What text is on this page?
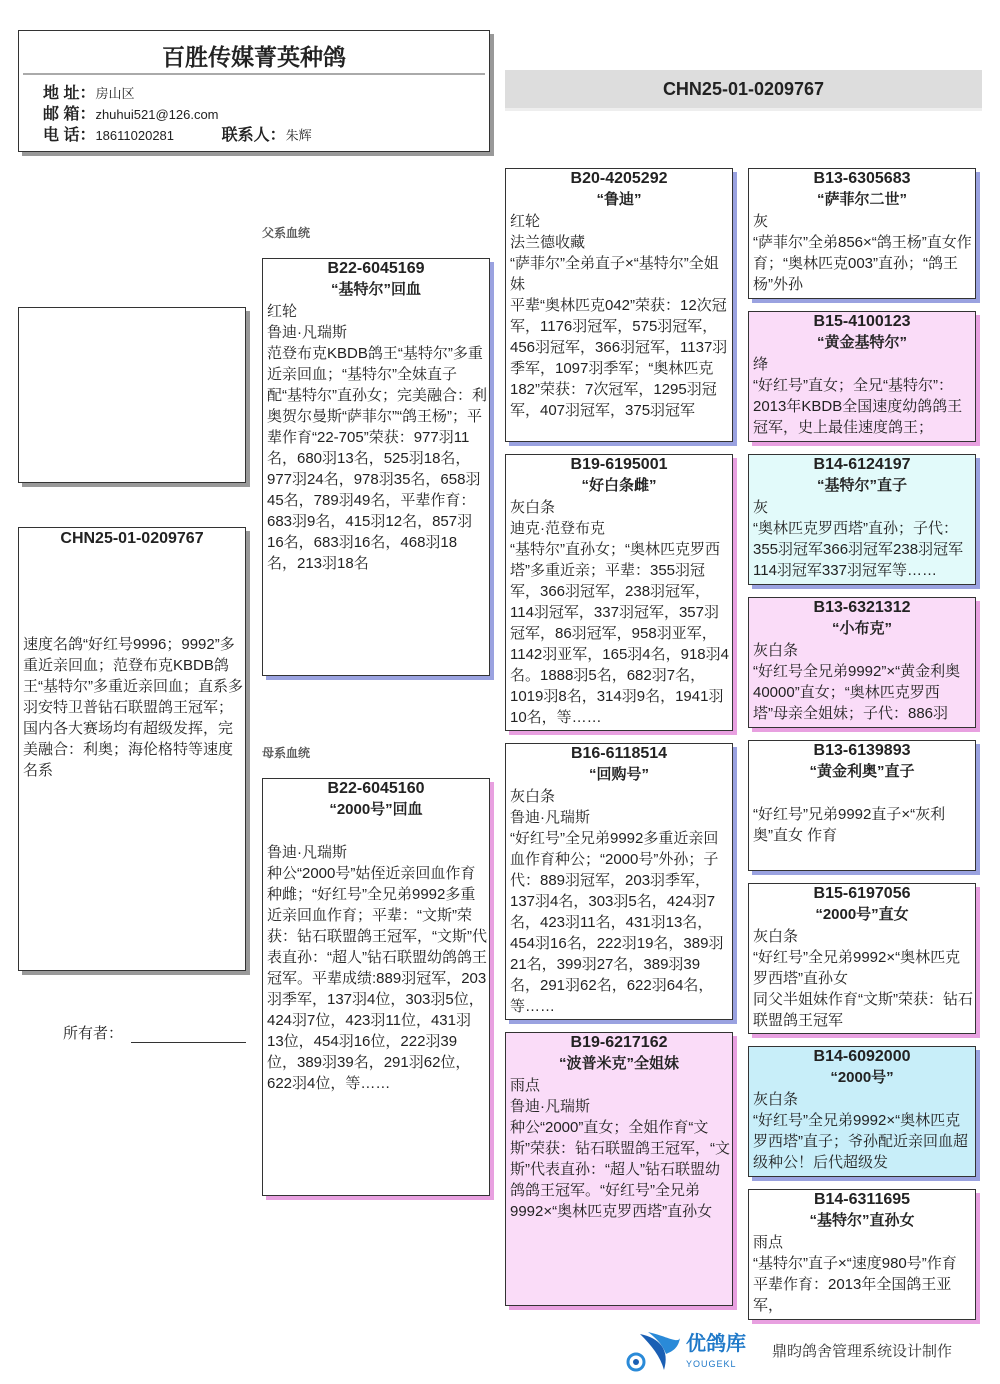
百胜传媒菁英种鸽
地 址：房山区
邮 箱：zhuhui521@126.com
电 话：18611020281	联系人：朱辉
CHN25-01-0209767
CHN25-01-0209767
速度名鸽“好红号9996；9992”多重近亲回血；范登布克KBDB鸽王“基特尔”多重近亲回血；直系多羽安特卫普钻石联盟鸽王冠军；国内各大赛场均有超级发挥，完美融合：利奥；海伦格特等速度名系
父系血统
母系血统
所有者：
B22-6045169
“基特尔”回血
红轮
鲁迪·凡瑞斯
范登布克KBDB鸽王“基特尔”多重近亲回血；“基特尔”全妹直子配“基特尔”直孙女；完美融合：利奥贺尔曼斯“萨菲尔”“鸽王杨”；平辈作育“22-705”荣获：977羽11名，680羽13名，525羽18名，977羽24名，978羽35名，658羽45名，789羽49名，平辈作育：683羽9名，415羽12名，857羽16名，683羽16名，468羽18名，213羽18名
B22-6045160
“2000号”回血
鲁迪·凡瑞斯
种公“2000号”姑侄近亲回血作育种雌；“好红号”全兄弟9992多重近亲回血作育；平辈：“文斯”荣获：钻石联盟鸽王冠军，“文斯”代表直孙：“超人”钻石联盟幼鸽鸽王冠军。平辈成绩:889羽冠军，203羽季军，137羽4位，303羽5位，424羽7位，423羽11位，431羽13位，454羽16位，222羽39位，389羽39名，291羽62位，622羽4位，等……
B20-4205292
“鲁迪”
红轮
法兰德收藏
“萨菲尔”全弟直子×“基特尔”全姐妹
平辈“奥林匹克042”荣获：12次冠军，1176羽冠军，575羽冠军，456羽冠军，366羽冠军，1137羽季军，1097羽季军；“奥林匹克182”荣获：7次冠军，1295羽冠军，407羽冠军，375羽冠军
B19-6195001
“好白条雌”
灰白条
迪克·范登布克
“基特尔”直孙女；“奥林匹克罗西塔”多重近亲；平辈：355羽冠军，366羽冠军，238羽冠军，114羽冠军，337羽冠军，357羽冠军，86羽冠军，958羽亚军，1142羽亚军，165羽4名，918羽4名。1888羽5名，682羽7名，1019羽8名，314羽9名，1941羽10名，等……
B16-6118514
“回购号”
灰白条
鲁迪·凡瑞斯
“好红号”全兄弟9992多重近亲回血作育种公；“2000号”外孙；子代：889羽冠军，203羽季军，137羽4名，303羽5名，424羽7名，423羽11名，431羽13名，454羽16名，222羽19名，389羽21名，399羽27名，389羽39名，291羽62名，622羽64名，等……
B19-6217162
“波普米克”全姐妹
雨点
鲁迪·凡瑞斯
种公“2000”直女；全姐作育“文斯”荣获：钻石联盟鸽王冠军，“文斯”代表直孙：“超人”钻石联盟幼鸽鸽王冠军。“好红号”全兄弟9992×“奥林匹克罗西塔”直孙女
B13-6305683
“萨菲尔二世”
灰
“萨菲尔”全弟856×“鸽王杨”直女作育；“奥林匹克003”直孙；“鸽王杨”外孙
B15-4100123
“黄金基特尔”
绛
“好红号”直女；全兄“基特尔”：2013年KBDB全国速度幼鸽鸽王冠军，史上最佳速度鸽王；
B14-6124197
“基特尔”直子
灰
“奥林匹克罗西塔”直孙；子代：355羽冠军366羽冠军238羽冠军114羽冠军337羽冠军等……
B13-6321312
“小布克”
灰白条
“好红号全兄弟9992”×“黄金利奥40000”直女；“奥林匹克罗西塔”母亲全姐妹；子代：886羽
B13-6139893
“黄金利奥”直子
“好红号”兄弟9992直子×“灰利奥”直女 作育
B15-6197056
“2000号”直女
灰白条
“好红号”全兄弟9992×“奥林匹克罗西塔”直孙女
同父半姐妹作育“文斯”荣获：钻石联盟鸽王冠军
B14-6092000
“2000号”
灰白条
“好红号”全兄弟9992×“奥林匹克罗西塔”直子；爷孙配近亲回血超级种公！后代超级发
B14-6311695
“基特尔”直孙女
雨点
“基特尔”直子×“速度980号”作育
平辈作育：2013年全国鸽王亚军，
优鸽库
YOUGEKL
鼎昀鸽舍管理系统设计制作
